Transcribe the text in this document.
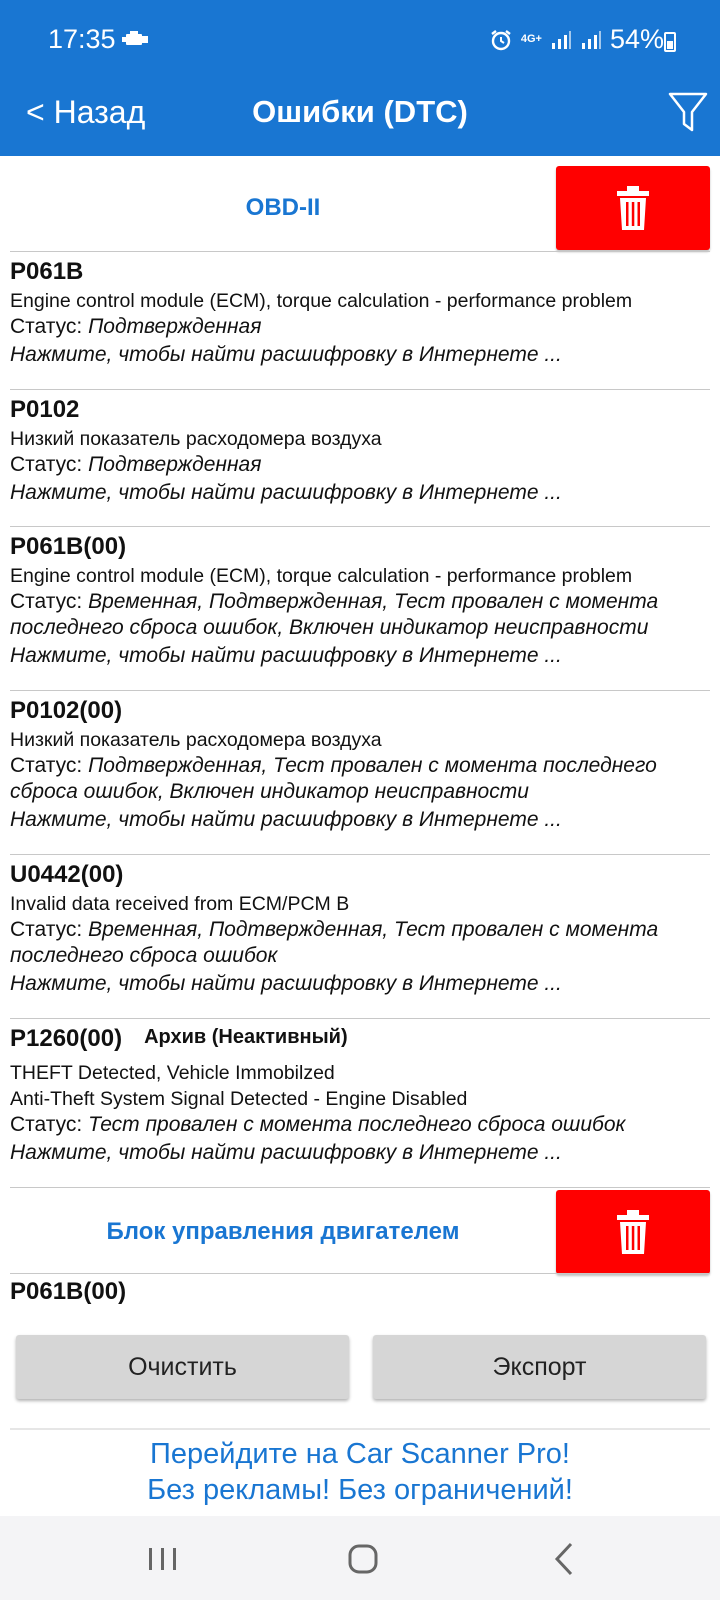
17:35	4G+	54%
< Назад	Ошибки (DTC)
OBD-II
P061B
Engine control module (ECM), torque calculation - performance problem
Статус: Подтвержденная
Нажмите, чтобы найти расшифровку в Интернете ...
P0102
Низкий показатель расходомера воздуха
Статус: Подтвержденная
Нажмите, чтобы найти расшифровку в Интернете ...
P061B(00)
Engine control module (ECM), torque calculation - performance problem
Статус: Временная, Подтвержденная, Тест провален с момента последнего сброса ошибок, Включен индикатор неисправности
Нажмите, чтобы найти расшифровку в Интернете ...
P0102(00)
Низкий показатель расходомера воздуха
Статус: Подтвержденная, Тест провален с момента последнего сброса ошибок, Включен индикатор неисправности
Нажмите, чтобы найти расшифровку в Интернете ...
U0442(00)
Invalid data received from ECM/PCM B
Статус: Временная, Подтвержденная, Тест провален с момента последнего сброса ошибок
Нажмите, чтобы найти расшифровку в Интернете ...
P1260(00) Архив (Неактивный)
THEFT Detected, Vehicle Immobilzed
Anti-Theft System Signal Detected - Engine Disabled
Статус: Тест провален с момента последнего сброса ошибок
Нажмите, чтобы найти расшифровку в Интернете ...
Блок управления двигателем
P061B(00)
Очистить	Экспорт
Перейдите на Car Scanner Pro!
Без рекламы! Без ограничений!
